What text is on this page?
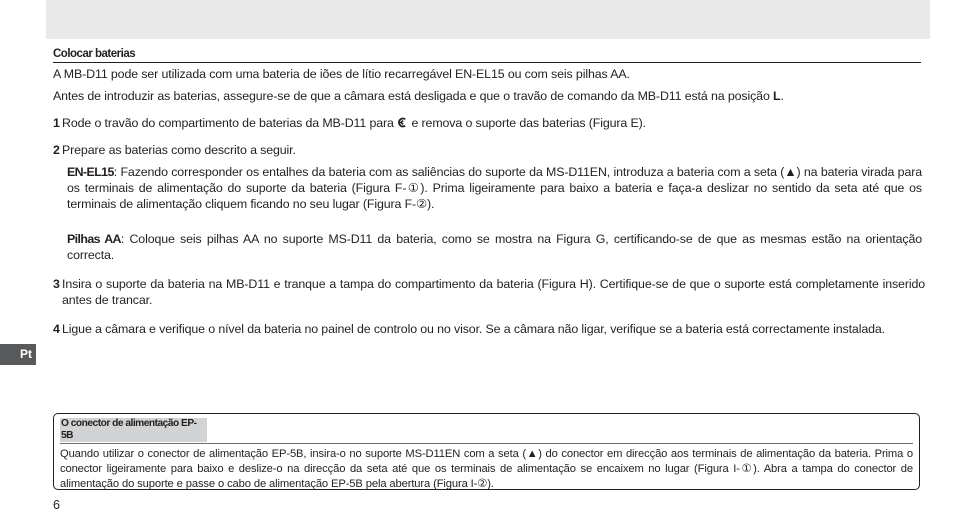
Colocar baterias
A MB-D11 pode ser utilizada com uma bateria de iões de lítio recarregável EN-EL15 ou com seis pilhas AA.
Antes de introduzir as baterias, assegure-se de que a câmara está desligada e que o travão de comando da MB-D11 está na posição L.
1 Rode o travão do compartimento de baterias da MB-D11 para  e remova o suporte das baterias (Figura E).
2 Prepare as baterias como descrito a seguir.
EN-EL15: Fazendo corresponder os entalhes da bateria com as saliências do suporte da MS-D11EN, introduza a bateria com a seta (▲) na bateria virada para os terminais de alimentação do suporte da bateria (Figura F-①). Prima ligeiramente para baixo a bateria e faça-a deslizar no sentido da seta até que os terminais de alimentação cliquem ficando no seu lugar (Figura F-②).
Pilhas AA: Coloque seis pilhas AA no suporte MS-D11 da bateria, como se mostra na Figura G, certificando-se de que as mesmas estão na orientação correcta.
3 Insira o suporte da bateria na MB-D11 e tranque a tampa do compartimento da bateria (Figura H). Certifique-se de que o suporte está completamente inserido antes de trancar.
4 Ligue a câmara e verifique o nível da bateria no painel de controlo ou no visor. Se a câmara não ligar, verifique se a bateria está correctamente instalada.
Pt
O conector de alimentação EP-5B
Quando utilizar o conector de alimentação EP-5B, insira-o no suporte MS-D11EN com a seta (▲) do conector em direcção aos terminais de alimentação da bateria. Prima o conector ligeiramente para baixo e deslize-o na direcção da seta até que os terminais de alimentação se encaixem no lugar (Figura I-①). Abra a tampa do conector de alimentação do suporte e passe o cabo de alimentação EP-5B pela abertura (Figura I-②).
6
